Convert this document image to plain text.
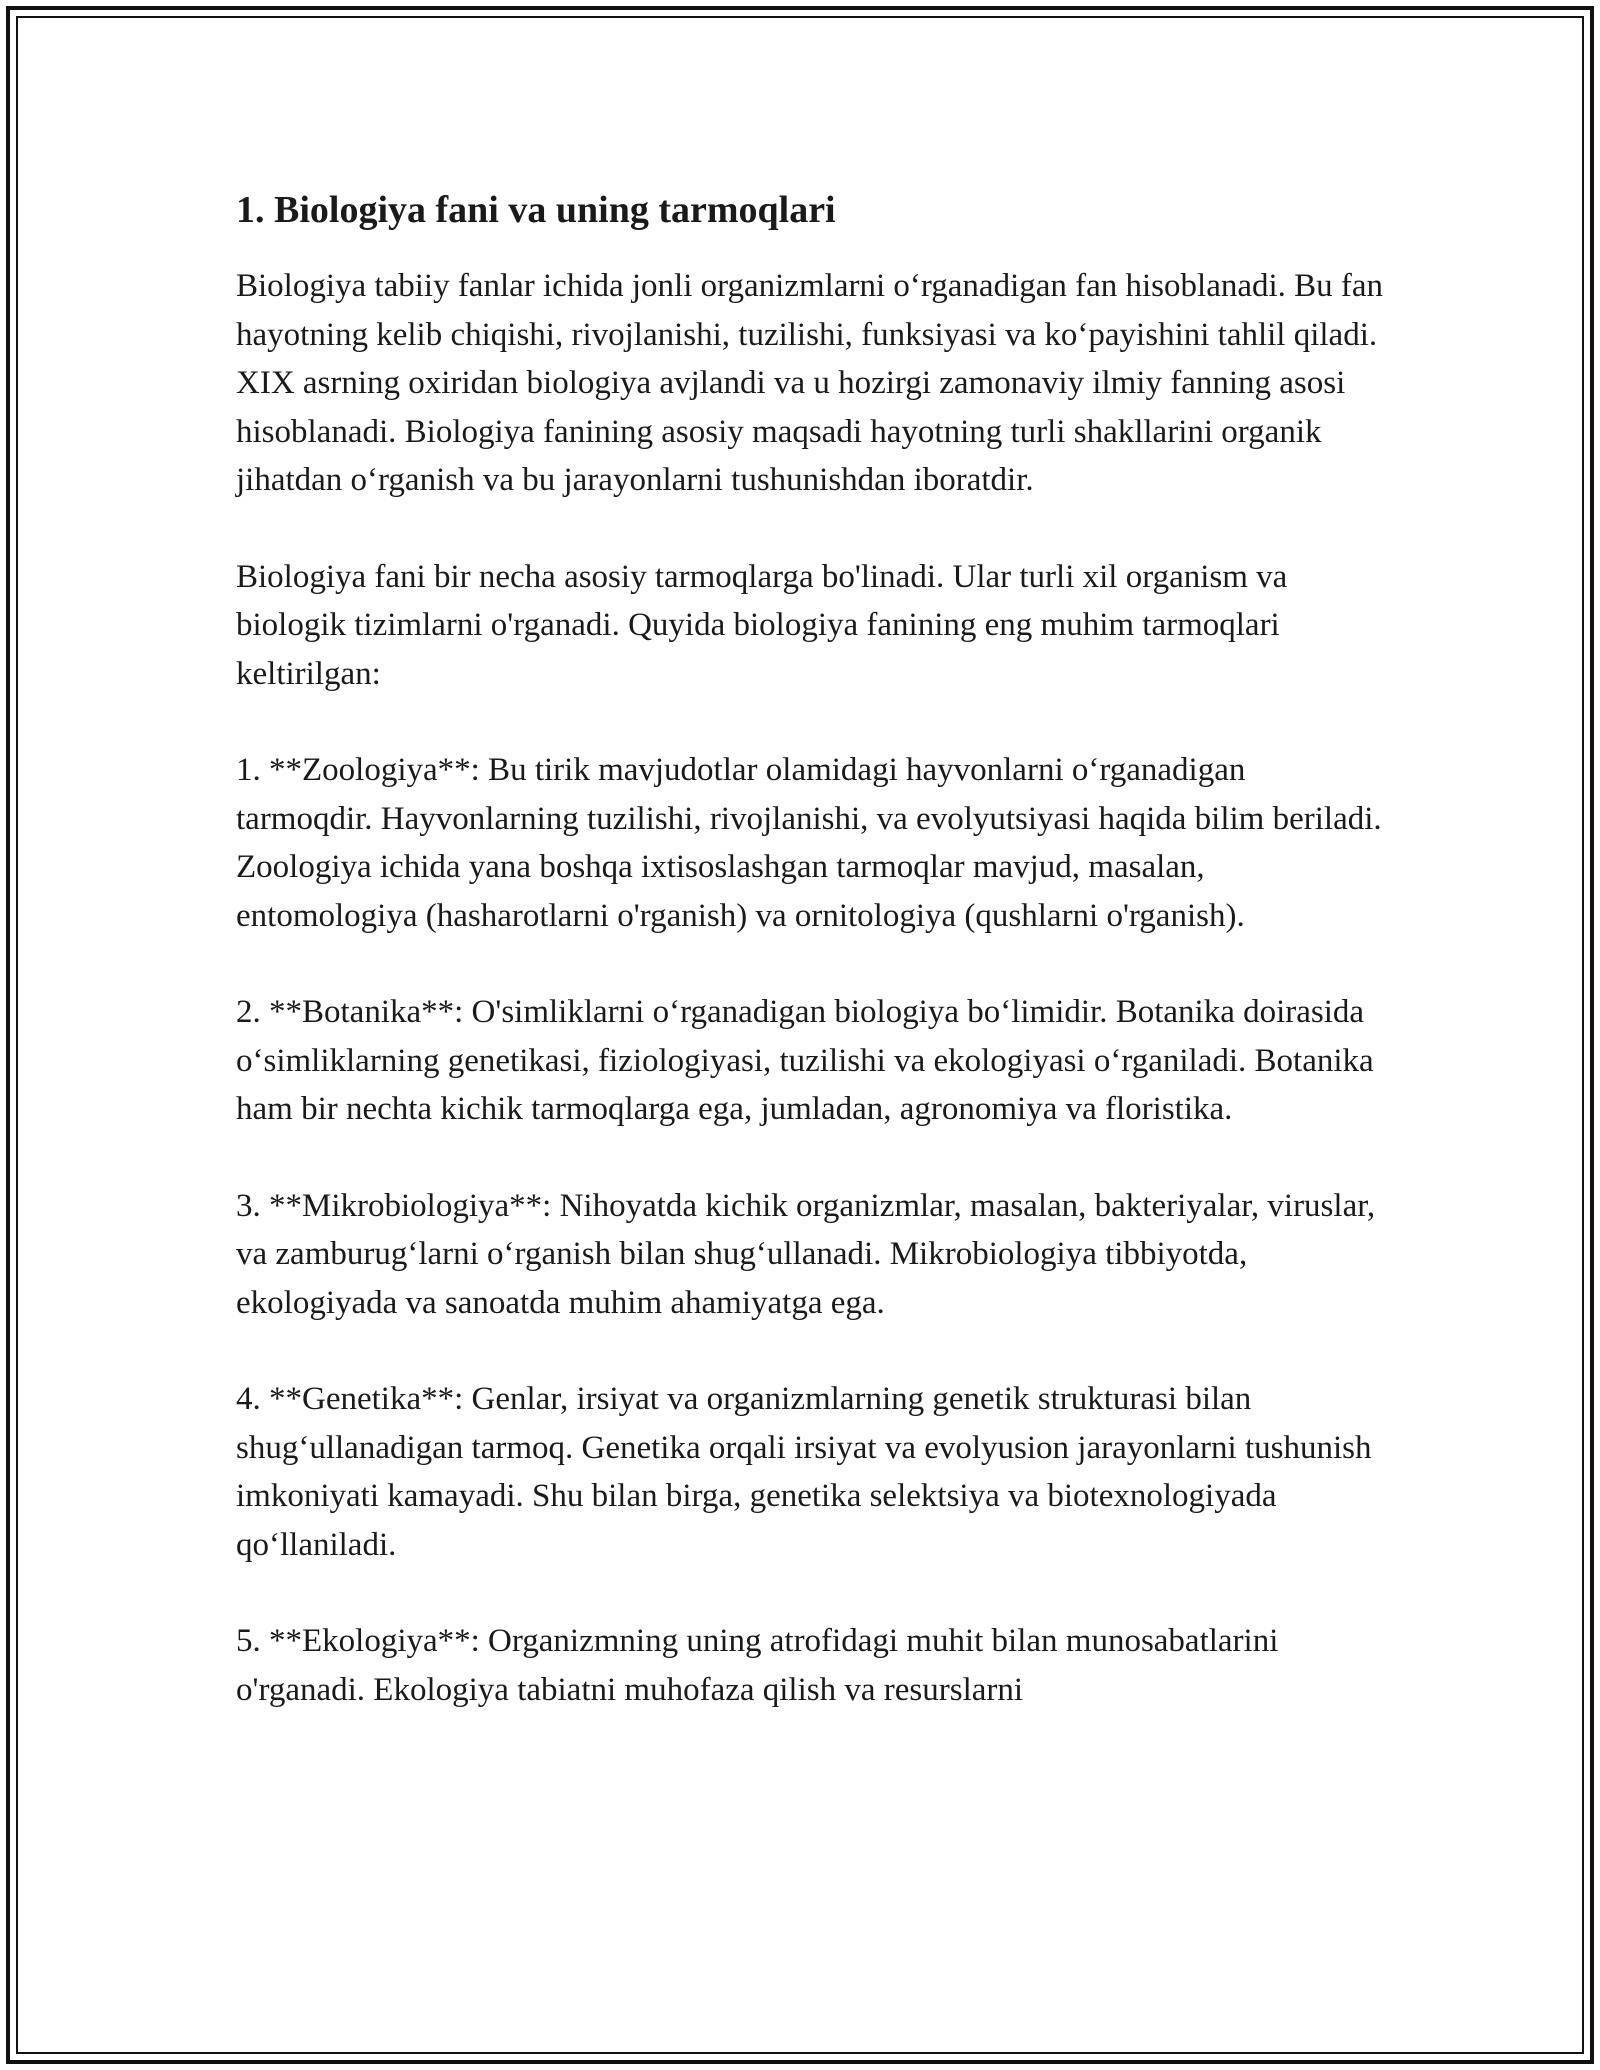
1. Biologiya fani va uning tarmoqlari

Biologiya tabiiy fanlar ichida jonli organizmlarni o‘rganadigan fan hisoblanadi. Bu fan hayotning kelib chiqishi, rivojlanishi, tuzilishi, funksiyasi va ko‘payishini tahlil qiladi. XIX asrning oxiridan biologiya avjlandi va u hozirgi zamonaviy ilmiy fanning asosi hisoblanadi. Biologiya fanining asosiy maqsadi hayotning turli shakllarini organik jihatdan o‘rganish va bu jarayonlarni tushunishdan iboratdir.

Biologiya fani bir necha asosiy tarmoqlarga bo'linadi. Ular turli xil organism va biologik tizimlarni o'rganadi. Quyida biologiya fanining eng muhim tarmoqlari keltirilgan:

1. **Zoologiya**: Bu tirik mavjudotlar olamidagi hayvonlarni o‘rganadigan tarmoqdir. Hayvonlarning tuzilishi, rivojlanishi, va evolyutsiyasi haqida bilim beriladi. Zoologiya ichida yana boshqa ixtisoslashgan tarmoqlar mavjud, masalan, entomologiya (hasharotlarni o'rganish) va ornitologiya (qushlarni o'rganish).

2. **Botanika**: O'simliklarni o‘rganadigan biologiya bo‘limidir. Botanika doirasida o‘simliklarning genetikasi, fiziologiyasi, tuzilishi va ekologiyasi o‘rganiladi. Botanika ham bir nechta kichik tarmoqlarga ega, jumladan, agronomiya va floristika.

3. **Mikrobiologiya**: Nihoyatda kichik organizmlar, masalan, bakteriyalar, viruslar, va zamburug‘larni o‘rganish bilan shug‘ullanadi. Mikrobiologiya tibbiyotda, ekologiyada va sanoatda muhim ahamiyatga ega.

4. **Genetika**: Genlar, irsiyat va organizmlarning genetik strukturasi bilan shug‘ullanadigan tarmoq. Genetika orqali irsiyat va evolyusion jarayonlarni tushunish imkoniyati kamayadi. Shu bilan birga, genetika selektsiya va biotexnologiyada qo‘llaniladi.

5. **Ekologiya**: Organizmning uning atrofidagi muhit bilan munosabatlarini o'rganadi. Ekologiya tabiatni muhofaza qilish va resurslarni
